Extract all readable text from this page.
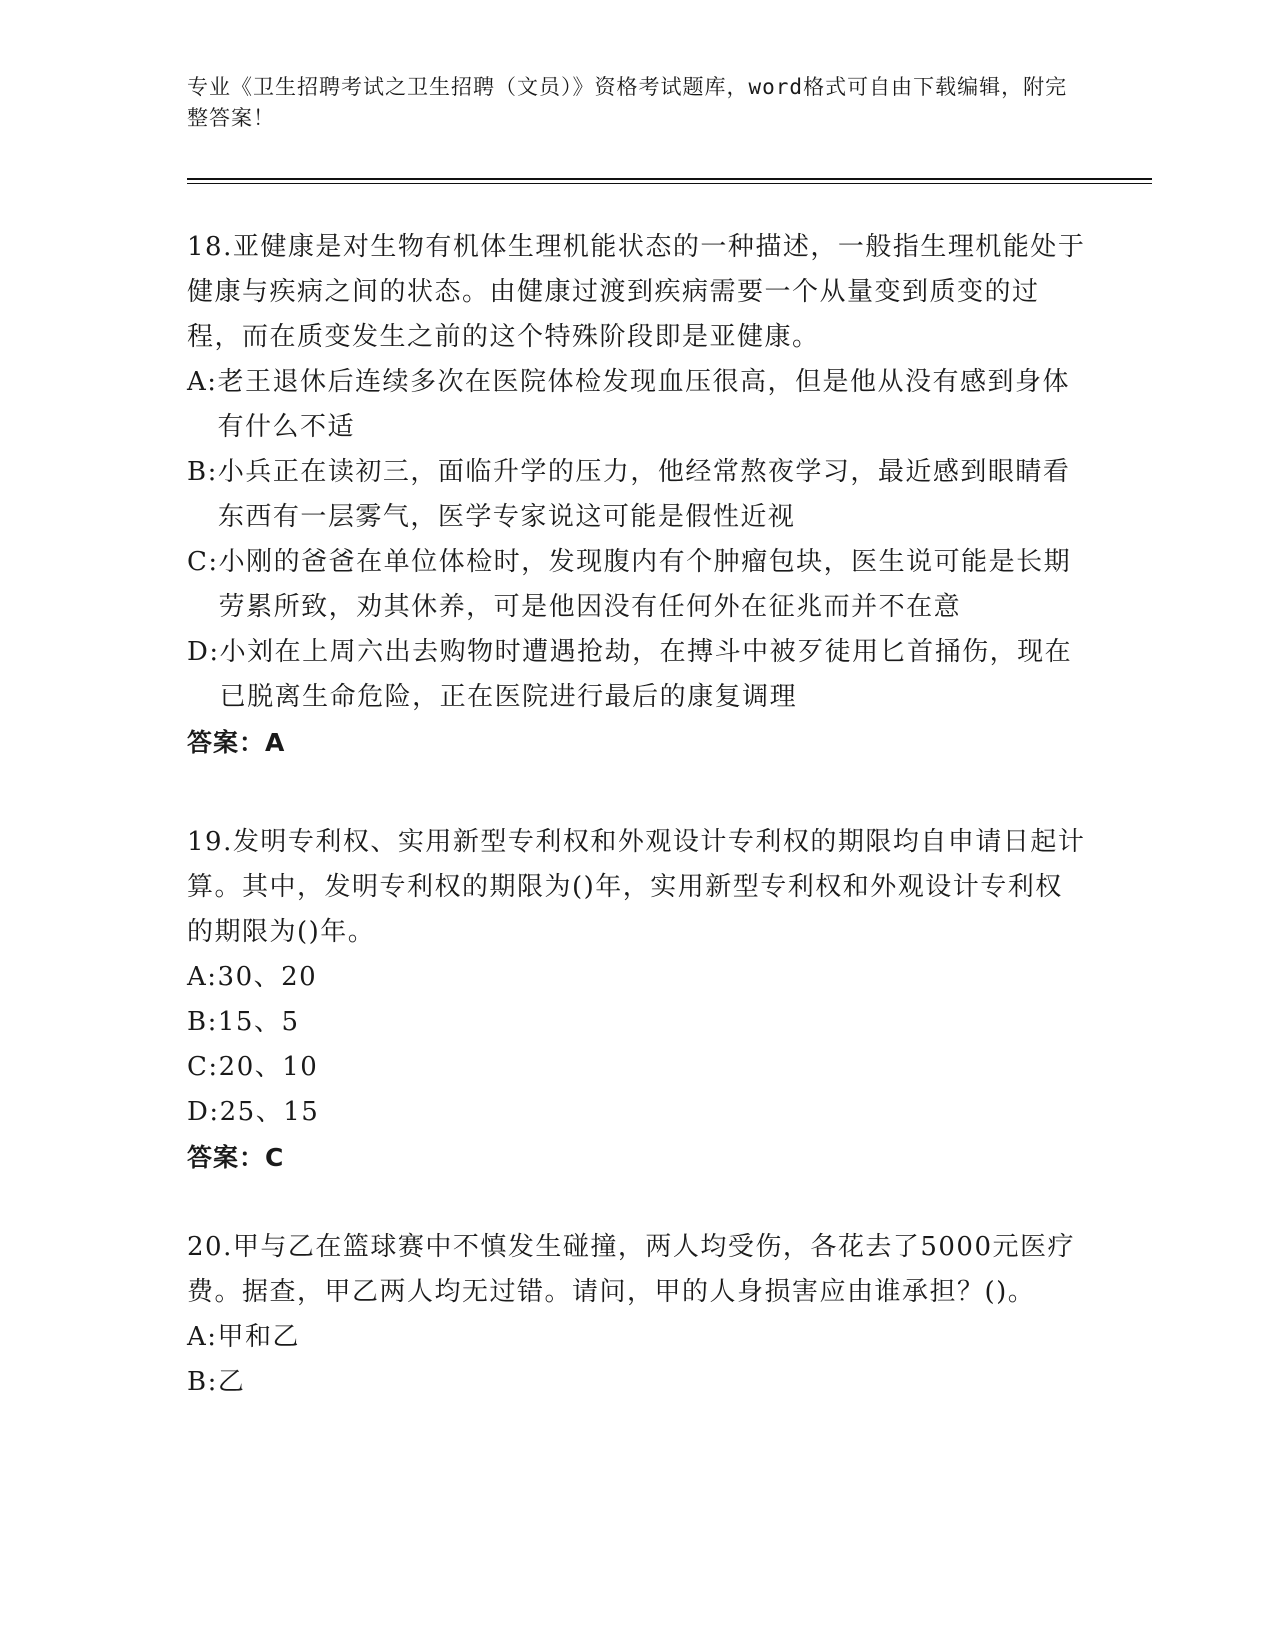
专业《卫生招聘考试之卫生招聘（文员）》资格考试题库，word格式可自由下载编辑，附完整答案！

18.亚健康是对生物有机体生理机能状态的一种描述，一般指生理机能处于健康与疾病之间的状态。由健康过渡到疾病需要一个从量变到质变的过程，而在质变发生之前的这个特殊阶段即是亚健康。

A: 老王退休后连续多次在医院体检发现血压很高，但是他从没有感到身体有什么不适

B: 小兵正在读初三，面临升学的压力，他经常熬夜学习，最近感到眼睛看东西有一层雾气，医学专家说这可能是假性近视

C: 小刚的爸爸在单位体检时，发现腹内有个肿瘤包块，医生说可能是长期劳累所致，劝其休养，可是他因没有任何外在征兆而并不在意

D: 小刘在上周六出去购物时遭遇抢劫，在搏斗中被歹徒用匕首捅伤，现在已脱离生命危险，正在医院进行最后的康复调理

答案：A

19.发明专利权、实用新型专利权和外观设计专利权的期限均自申请日起计算。其中，发明专利权的期限为()年，实用新型专利权和外观设计专利权的期限为()年。

A: 30、20

B: 15、5

C: 20、10

D: 25、15

答案：C

20.甲与乙在篮球赛中不慎发生碰撞，两人均受伤，各花去了5000元医疗费。据查，甲乙两人均无过错。请问，甲的人身损害应由谁承担？()。

A: 甲和乙

B: 乙
